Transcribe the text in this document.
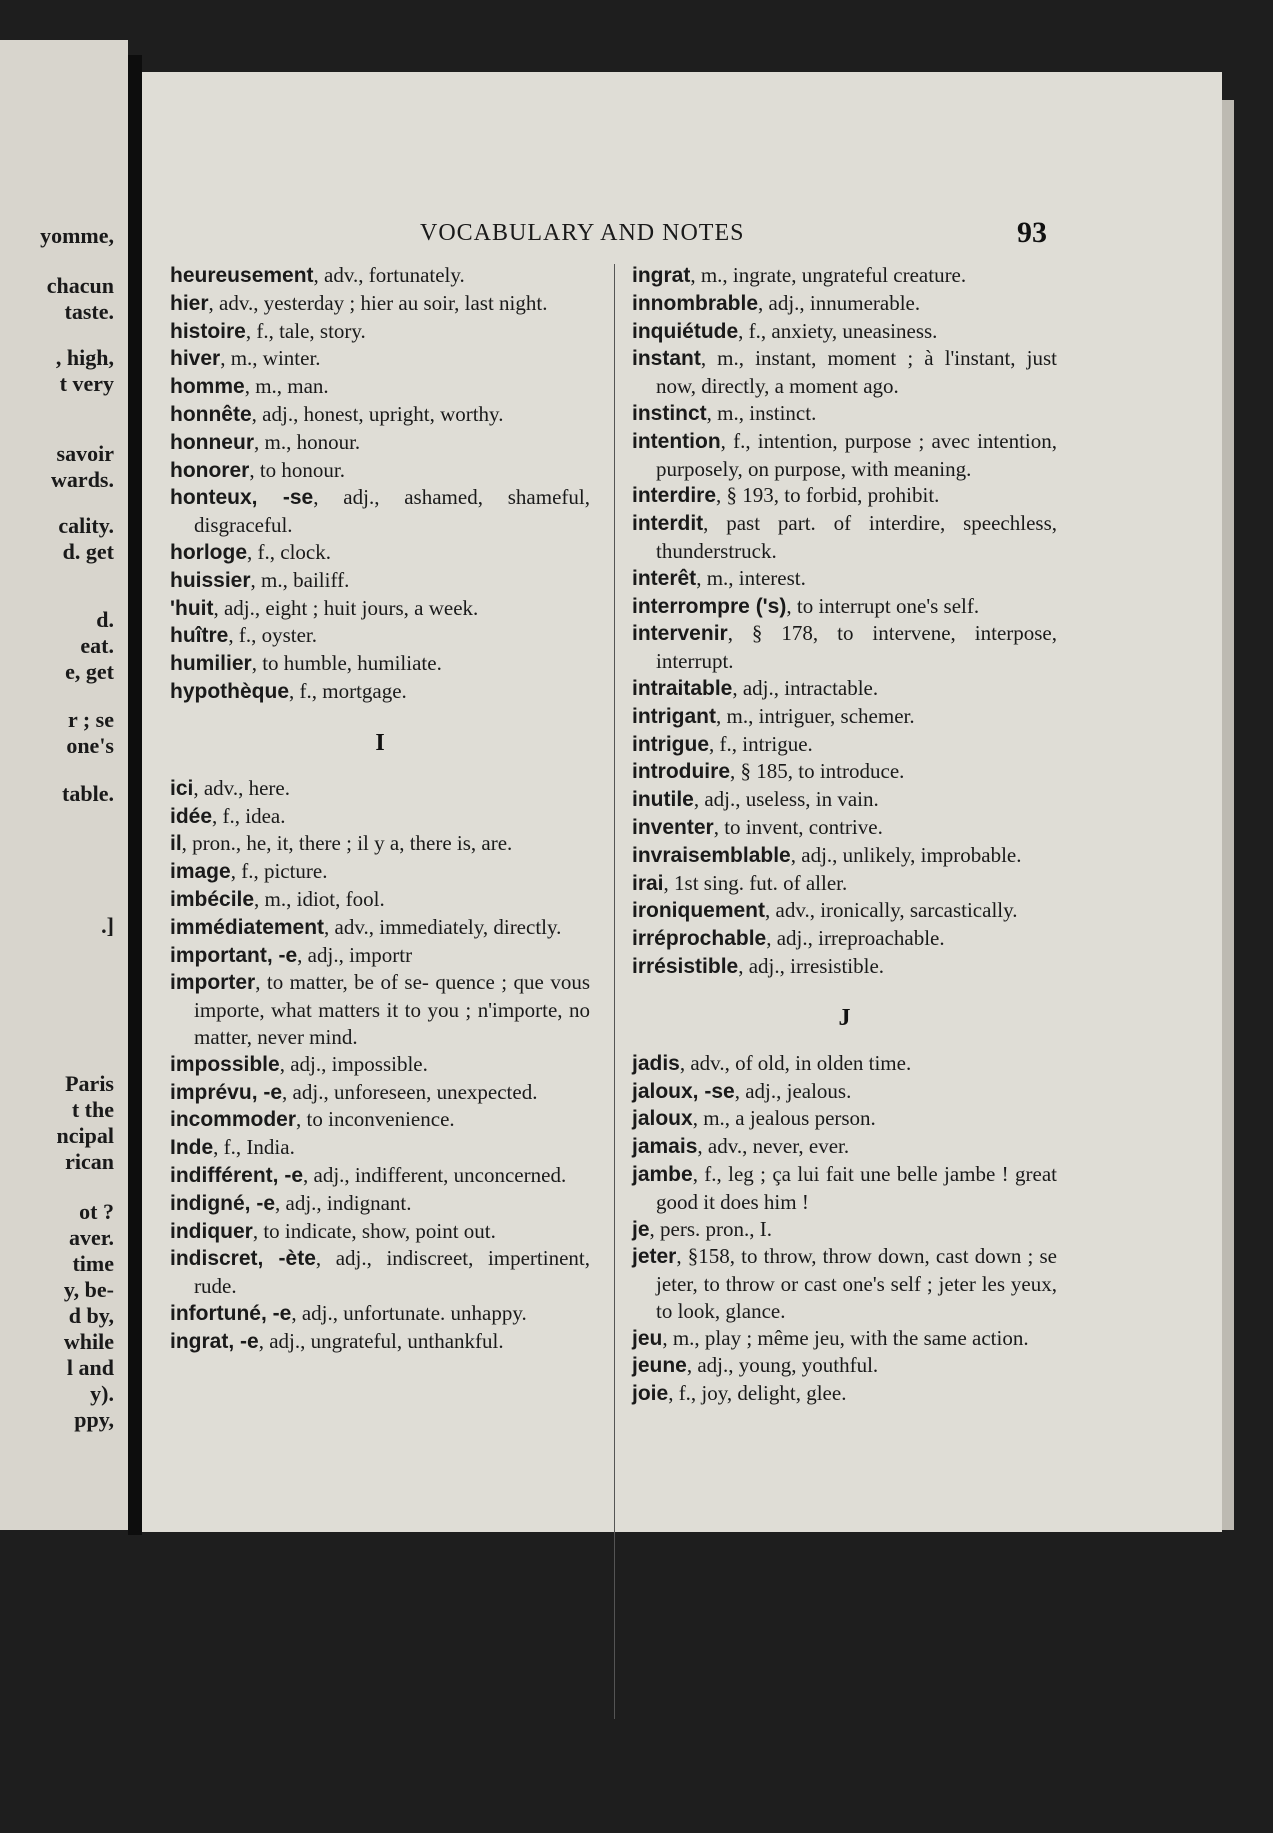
yomme,
chacun
taste.
, high,
t very
savoir
wards.
cality.
d. get
d.
eat.
e, get
r ; se
one's
table.
.]
Paris
t the
ncipal
rican
ot ?
aver.
time
y, be-
d by,
while
l and
y).
ppy,
VOCABULARY AND NOTES	93
heureusement, adv., fortunately.
hier, adv., yesterday ; hier au soir, last night.
histoire, f., tale, story.
hiver, m., winter.
homme, m., man.
honnête, adj., honest, upright, worthy.
honneur, m., honour.
honorer, to honour.
honteux, -se, adj., ashamed, shameful, disgraceful.
horloge, f., clock.
huissier, m., bailiff.
'huit, adj., eight ; huit jours, a week.
huître, f., oyster.
humilier, to humble, humiliate.
hypothèque, f., mortgage.
I
ici, adv., here.
idée, f., idea.
il, pron., he, it, there ; il y a, there is, are.
image, f., picture.
imbécile, m., idiot, fool.
immédiatement, adv., immediately, directly.
important, -e, adj., importr
importer, to matter, be of se- quence ; que vous importe, what matters it to you ; n'importe, no matter, never mind.
impossible, adj., impossible.
imprévu, -e, adj., unforeseen, unexpected.
incommoder, to inconvenience.
Inde, f., India.
indifférent, -e, adj., indifferent, unconcerned.
indigné, -e, adj., indignant.
indiquer, to indicate, show, point out.
indiscret, -ète, adj., indiscreet, impertinent, rude.
infortuné, -e, adj., unfortunate. unhappy.
ingrat, -e, adj., ungrateful, unthankful.
ingrat, m., ingrate, ungrateful creature.
innombrable, adj., innumerable.
inquiétude, f., anxiety, uneasiness.
instant, m., instant, moment ; à l'instant, just now, directly, a moment ago.
instinct, m., instinct.
intention, f., intention, purpose ; avec intention, purposely, on purpose, with meaning.
interdire, § 193, to forbid, prohibit.
interdit, past part. of interdire, speechless, thunderstruck.
interêt, m., interest.
interrompre ('s), to interrupt one's self.
intervenir, § 178, to intervene, interpose, interrupt.
intraitable, adj., intractable.
intrigant, m., intriguer, schemer.
intrigue, f., intrigue.
introduire, § 185, to introduce.
inutile, adj., useless, in vain.
inventer, to invent, contrive.
invraisemblable, adj., unlikely, improbable.
irai, 1st sing. fut. of aller.
ironiquement, adv., ironically, sarcastically.
irréprochable, adj., irreproachable.
irrésistible, adj., irresistible.
J
jadis, adv., of old, in olden time.
jaloux, -se, adj., jealous.
jaloux, m., a jealous person.
jamais, adv., never, ever.
jambe, f., leg ; ça lui fait une belle jambe ! great good it does him !
je, pers. pron., I.
jeter, §158, to throw, throw down, cast down ; se jeter, to throw or cast one's self ; jeter les yeux, to look, glance.
jeu, m., play ; même jeu, with the same action.
jeune, adj., young, youthful.
joie, f., joy, delight, glee.
